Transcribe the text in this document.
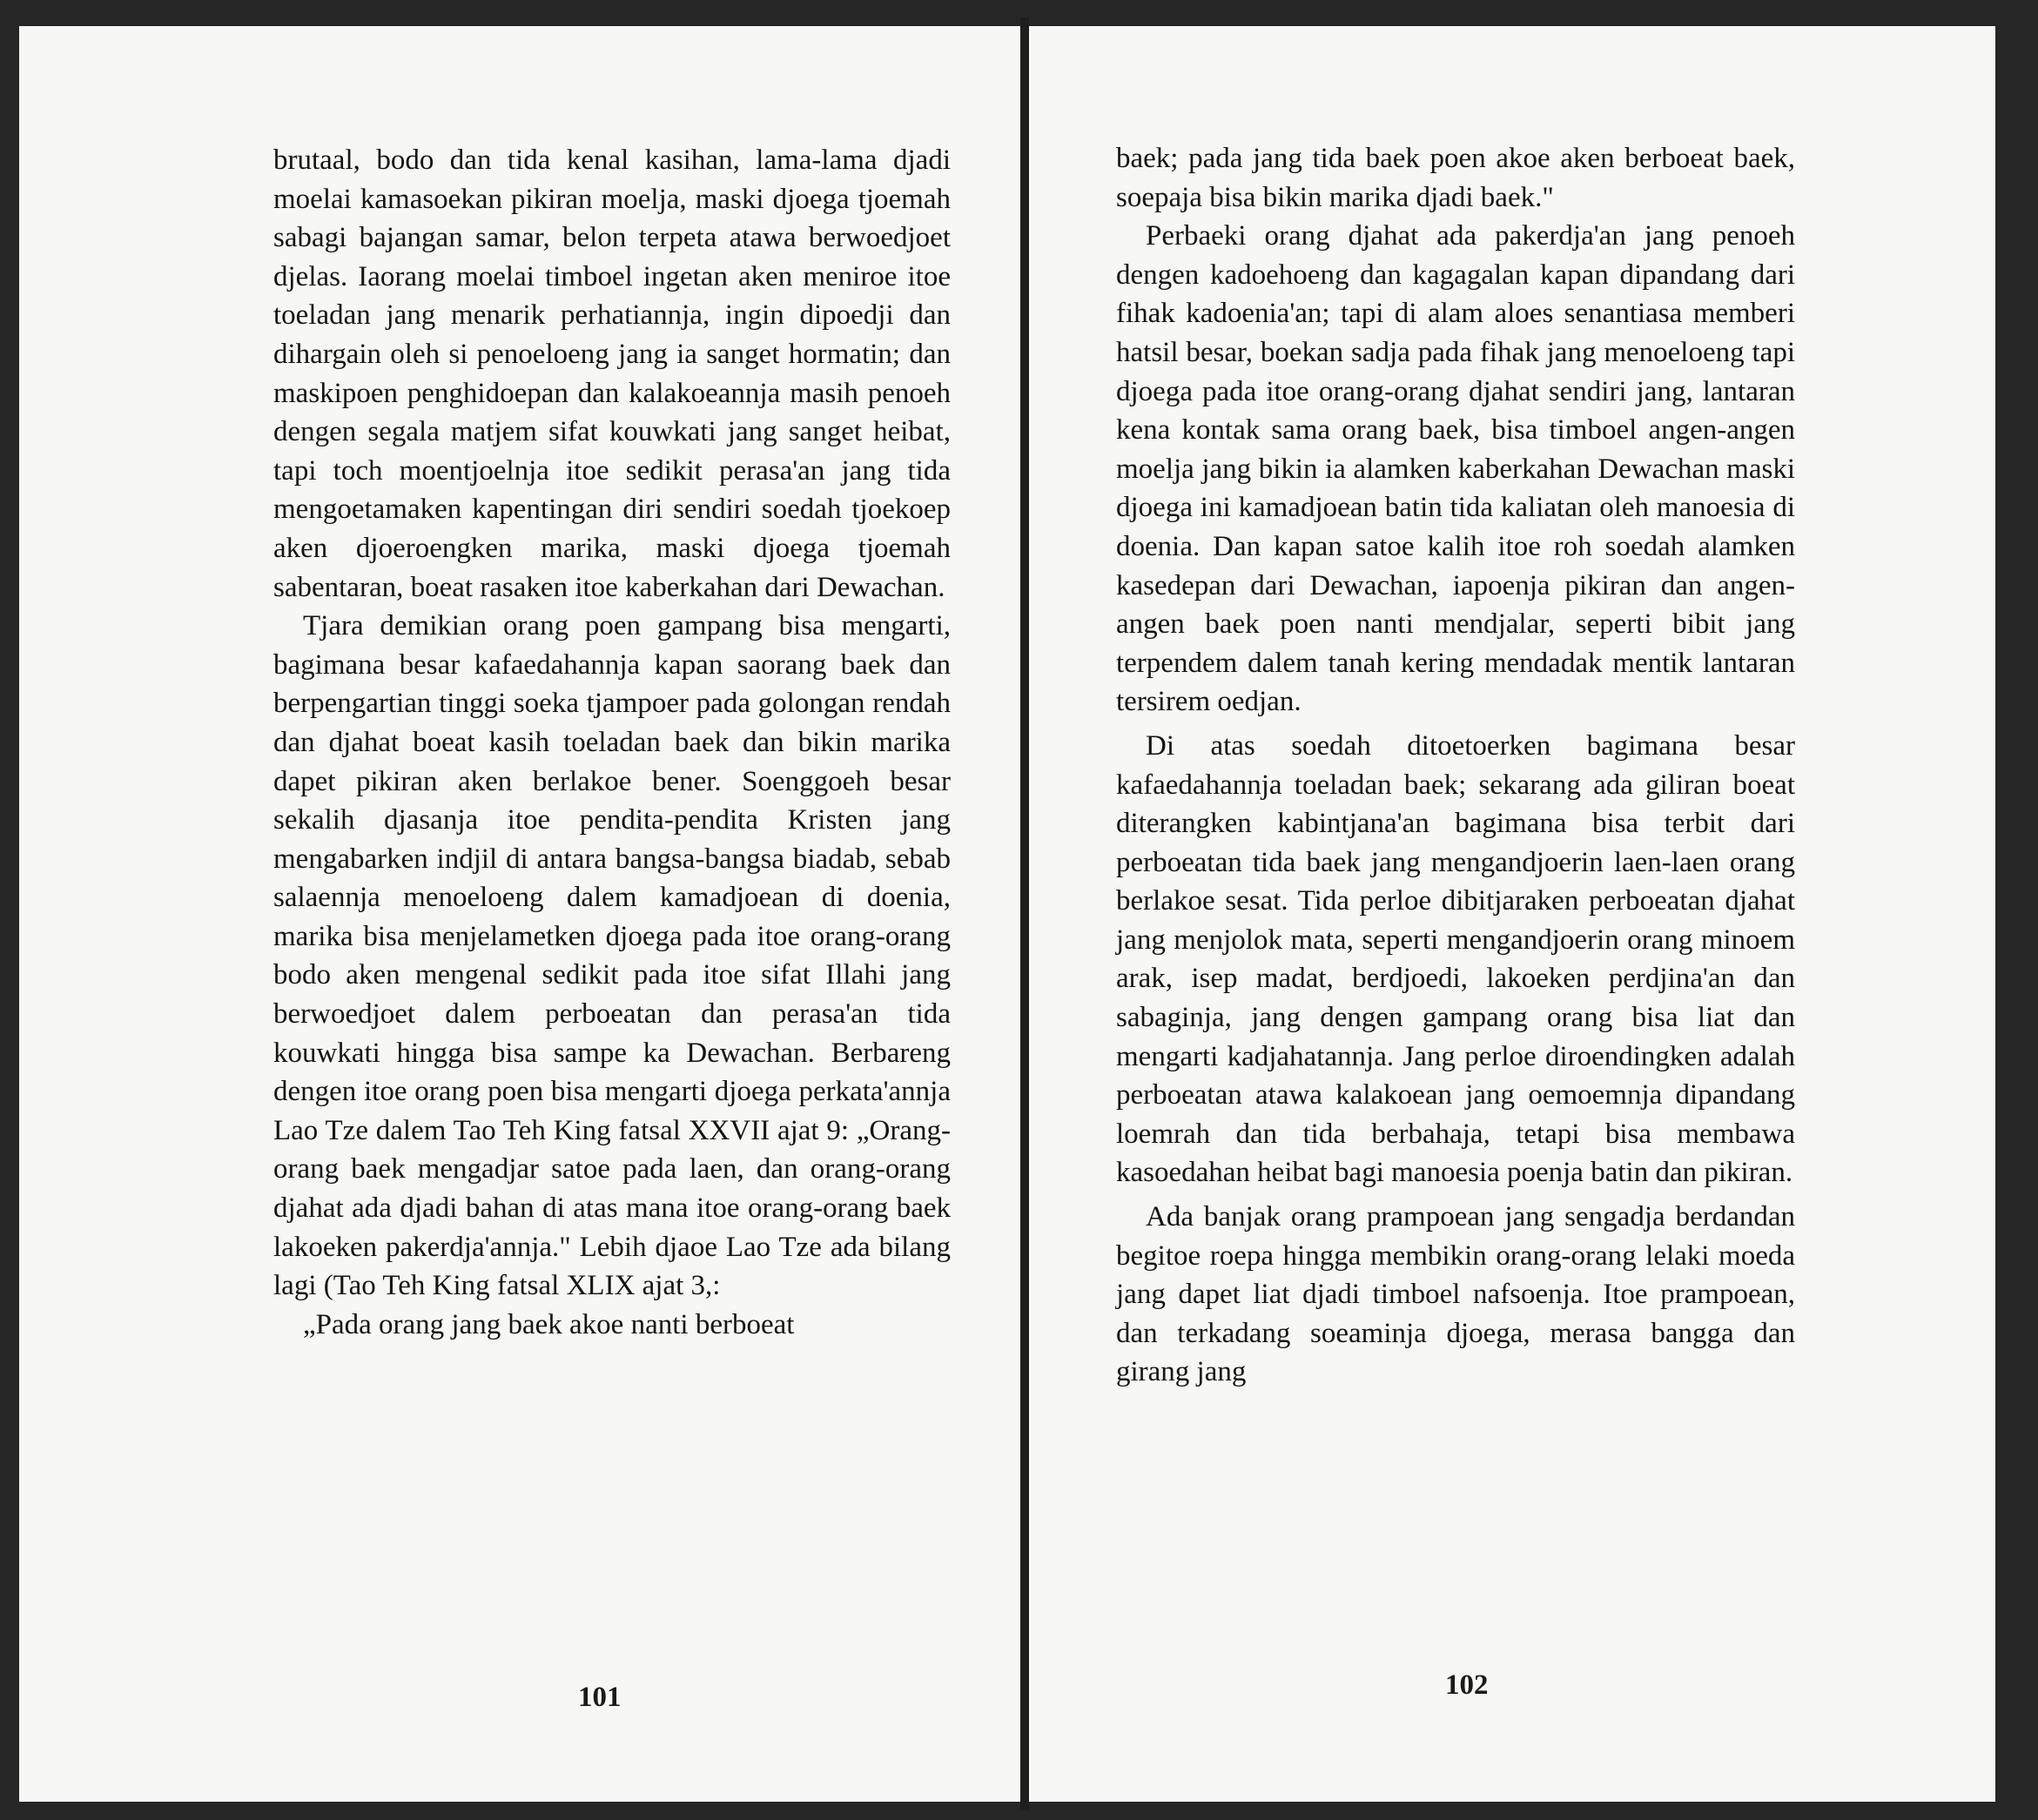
brutaal, bodo dan tida kenal kasihan, lama-lama djadi moelai kamasoekan pikiran moelja, maski djoega tjoemah sabagi bajangan samar, belon terpeta atawa berwoedjoet djelas. Iaorang moelai timboel ingetan aken meniroe itoe toeladan jang menarik perhatiannja, ingin dipoedji dan dihargain oleh si penoeloeng jang ia sanget hormatin; dan maskipoen penghidoepan dan kalakoeannja masih penoeh dengen segala matjem sifat kouwkati jang sanget heibat, tapi toch moentjoelnja itoe sedikit perasa'an jang tida mengoetamaken kapentingan diri sendiri soedah tjoekoep aken djoeroengken marika, maski djoega tjoemah sabentaran, boeat rasaken itoe kaberkahan dari Dewachan.

Tjara demikian orang poen gampang bisa mengarti, bagimana besar kafaedahannja kapan saorang baek dan berpengartian tinggi soeka tjampoer pada golongan rendah dan djahat boeat kasih toeladan baek dan bikin marika dapet pikiran aken berlakoe bener. Soenggoeh besar sekalih djasanja itoe pendita-pendita Kristen jang mengabarken indjil di antara bangsa-bangsa biadab, sebab salaennja menoeloeng dalem kamadjoean di doenia, marika bisa menjelametken djoega pada itoe orang-orang bodo aken mengenal sedikit pada itoe sifat Illahi jang berwoedjoet dalem perboeatan dan perasa'an tida kouwkati hingga bisa sampe ka Dewachan. Berbareng dengen itoe orang poen bisa mengarti djoega perkata'annja Lao Tze dalem Tao Teh King fatsal XXVII ajat 9: „Orang-orang baek mengadjar satoe pada laen, dan orang-orang djahat ada djadi bahan di atas mana itoe orang-orang baek lakoeken pakerdja'annja." Lebih djaoe Lao Tze ada bilang lagi (Tao Teh King fatsal XLIX ajat 3,:

„Pada orang jang baek akoe nanti berboeat

101

baek; pada jang tida baek poen akoe aken berboeat baek, soepaja bisa bikin marika djadi baek."

Perbaeki orang djahat ada pakerdja'an jang penoeh dengen kadoehoeng dan kagagalan kapan dipandang dari fihak kadoenia'an; tapi di alam aloes senantiasa memberi hatsil besar, boekan sadja pada fihak jang menoeloeng tapi djoega pada itoe orang-orang djahat sendiri jang, lantaran kena kontak sama orang baek, bisa timboel angen-angen moelja jang bikin ia alamken kaberkahan Dewachan maski djoega ini kamadjoean batin tida kaliatan oleh manoesia di doenia. Dan kapan satoe kalih itoe roh soedah alamken kasedepan dari Dewachan, iapoenja pikiran dan angen-angen baek poen nanti mendjalar, seperti bibit jang terpendem dalem tanah kering mendadak mentik lantaran tersirem oedjan.

Di atas soedah ditoetoerken bagimana besar kafaedahannja toeladan baek; sekarang ada giliran boeat diterangken kabintjana'an bagimana bisa terbit dari perboeatan tida baek jang mengandjoerin laen-laen orang berlakoe sesat. Tida perloe dibitjaraken perboeatan djahat jang menjolok mata, seperti mengandjoerin orang minoem arak, isep madat, berdjoedi, lakoeken perdjina'an dan sabaginja, jang dengen gampang orang bisa liat dan mengarti kadjahatannja. Jang perloe diroendingken adalah perboeatan atawa kalakoean jang oemoemnja dipandang loemrah dan tida berbahaja, tetapi bisa membawa kasoedahan heibat bagi manoesia poenja batin dan pikiran.

Ada banjak orang prampoean jang sengadja berdandan begitoe roepa hingga membikin orang-orang lelaki moeda jang dapet liat djadi timboel nafsoenja. Itoe prampoean, dan terkadang soeaminja djoega, merasa bangga dan girang jang

102
